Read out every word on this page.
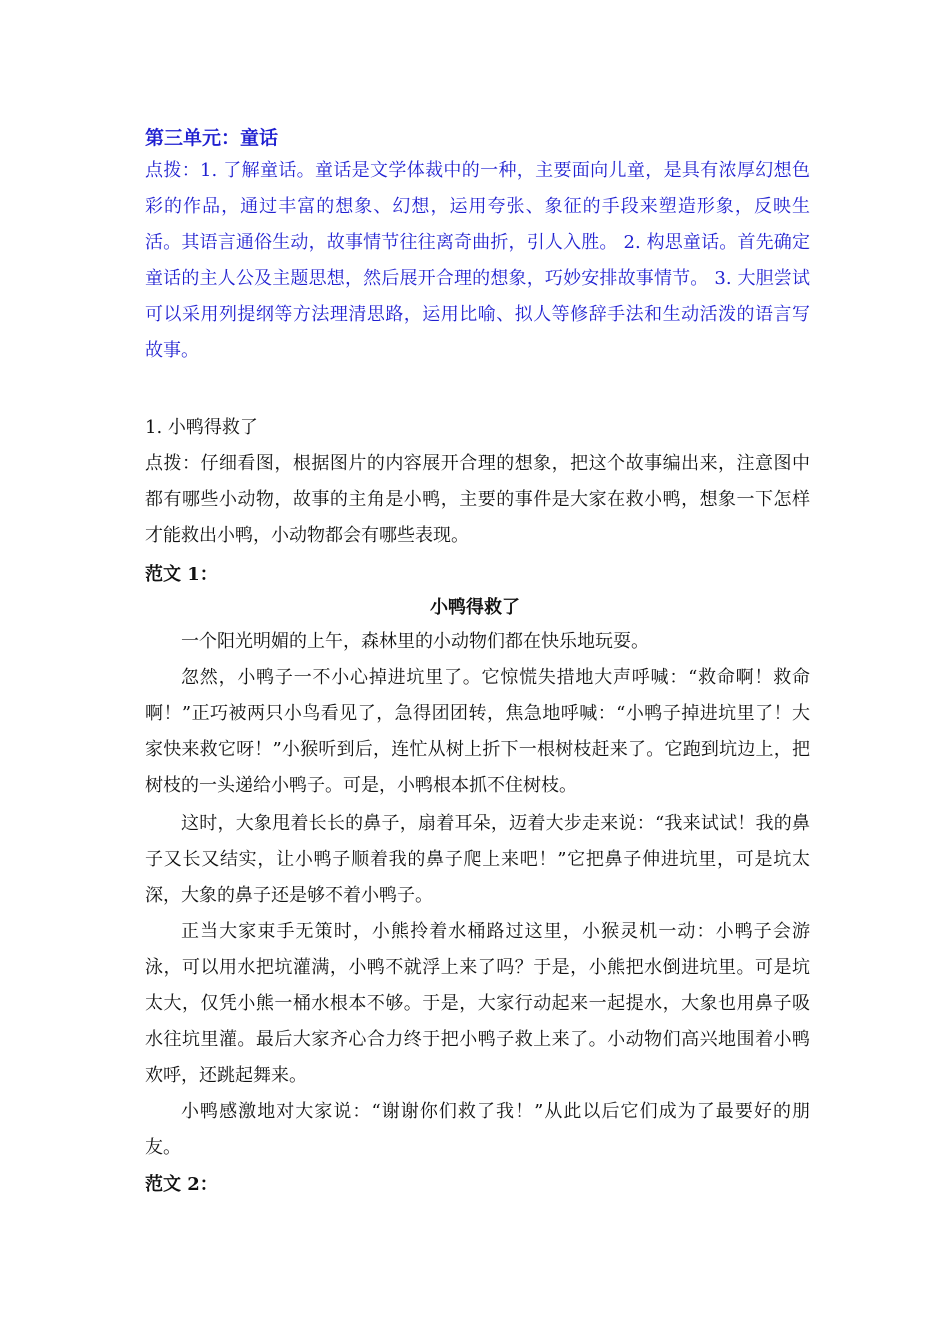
第三单元：童话
点拨：1. 了解童话。童话是文学体裁中的一种，主要面向儿童，是具有浓厚幻想色彩的作品，通过丰富的想象、幻想，运用夸张、象征的手段来塑造形象，反映生活。其语言通俗生动，故事情节往往离奇曲折，引人入胜。 2. 构思童话。首先确定童话的主人公及主题思想，然后展开合理的想象，巧妙安排故事情节。 3. 大胆尝试可以采用列提纲等方法理清思路，运用比喻、拟人等修辞手法和生动活泼的语言写故事。
1. 小鸭得救了
点拨：仔细看图，根据图片的内容展开合理的想象，把这个故事编出来，注意图中都有哪些小动物，故事的主角是小鸭，主要的事件是大家在救小鸭，想象一下怎样才能救出小鸭，小动物都会有哪些表现。
范文 1：
小鸭得救了
一个阳光明媚的上午，森林里的小动物们都在快乐地玩耍。
忽然，小鸭子一不小心掉进坑里了。它惊慌失措地大声呼喊：“救命啊！救命啊！”正巧被两只小鸟看见了，急得团团转，焦急地呼喊：“小鸭子掉进坑里了！大家快来救它呀！”小猴听到后，连忙从树上折下一根树枝赶来了。它跑到坑边上，把树枝的一头递给小鸭子。可是，小鸭根本抓不住树枝。
这时，大象甩着长长的鼻子，扇着耳朵，迈着大步走来说：“我来试试！我的鼻子又长又结实，让小鸭子顺着我的鼻子爬上来吧！”它把鼻子伸进坑里，可是坑太深，大象的鼻子还是够不着小鸭子。
正当大家束手无策时，小熊拎着水桶路过这里，小猴灵机一动：小鸭子会游泳，可以用水把坑灌满，小鸭不就浮上来了吗？于是，小熊把水倒进坑里。可是坑太大，仅凭小熊一桶水根本不够。于是，大家行动起来一起提水，大象也用鼻子吸水往坑里灌。最后大家齐心合力终于把小鸭子救上来了。小动物们高兴地围着小鸭欢呼，还跳起舞来。
小鸭感激地对大家说：“谢谢你们救了我！”从此以后它们成为了最要好的朋友。
范文 2：
